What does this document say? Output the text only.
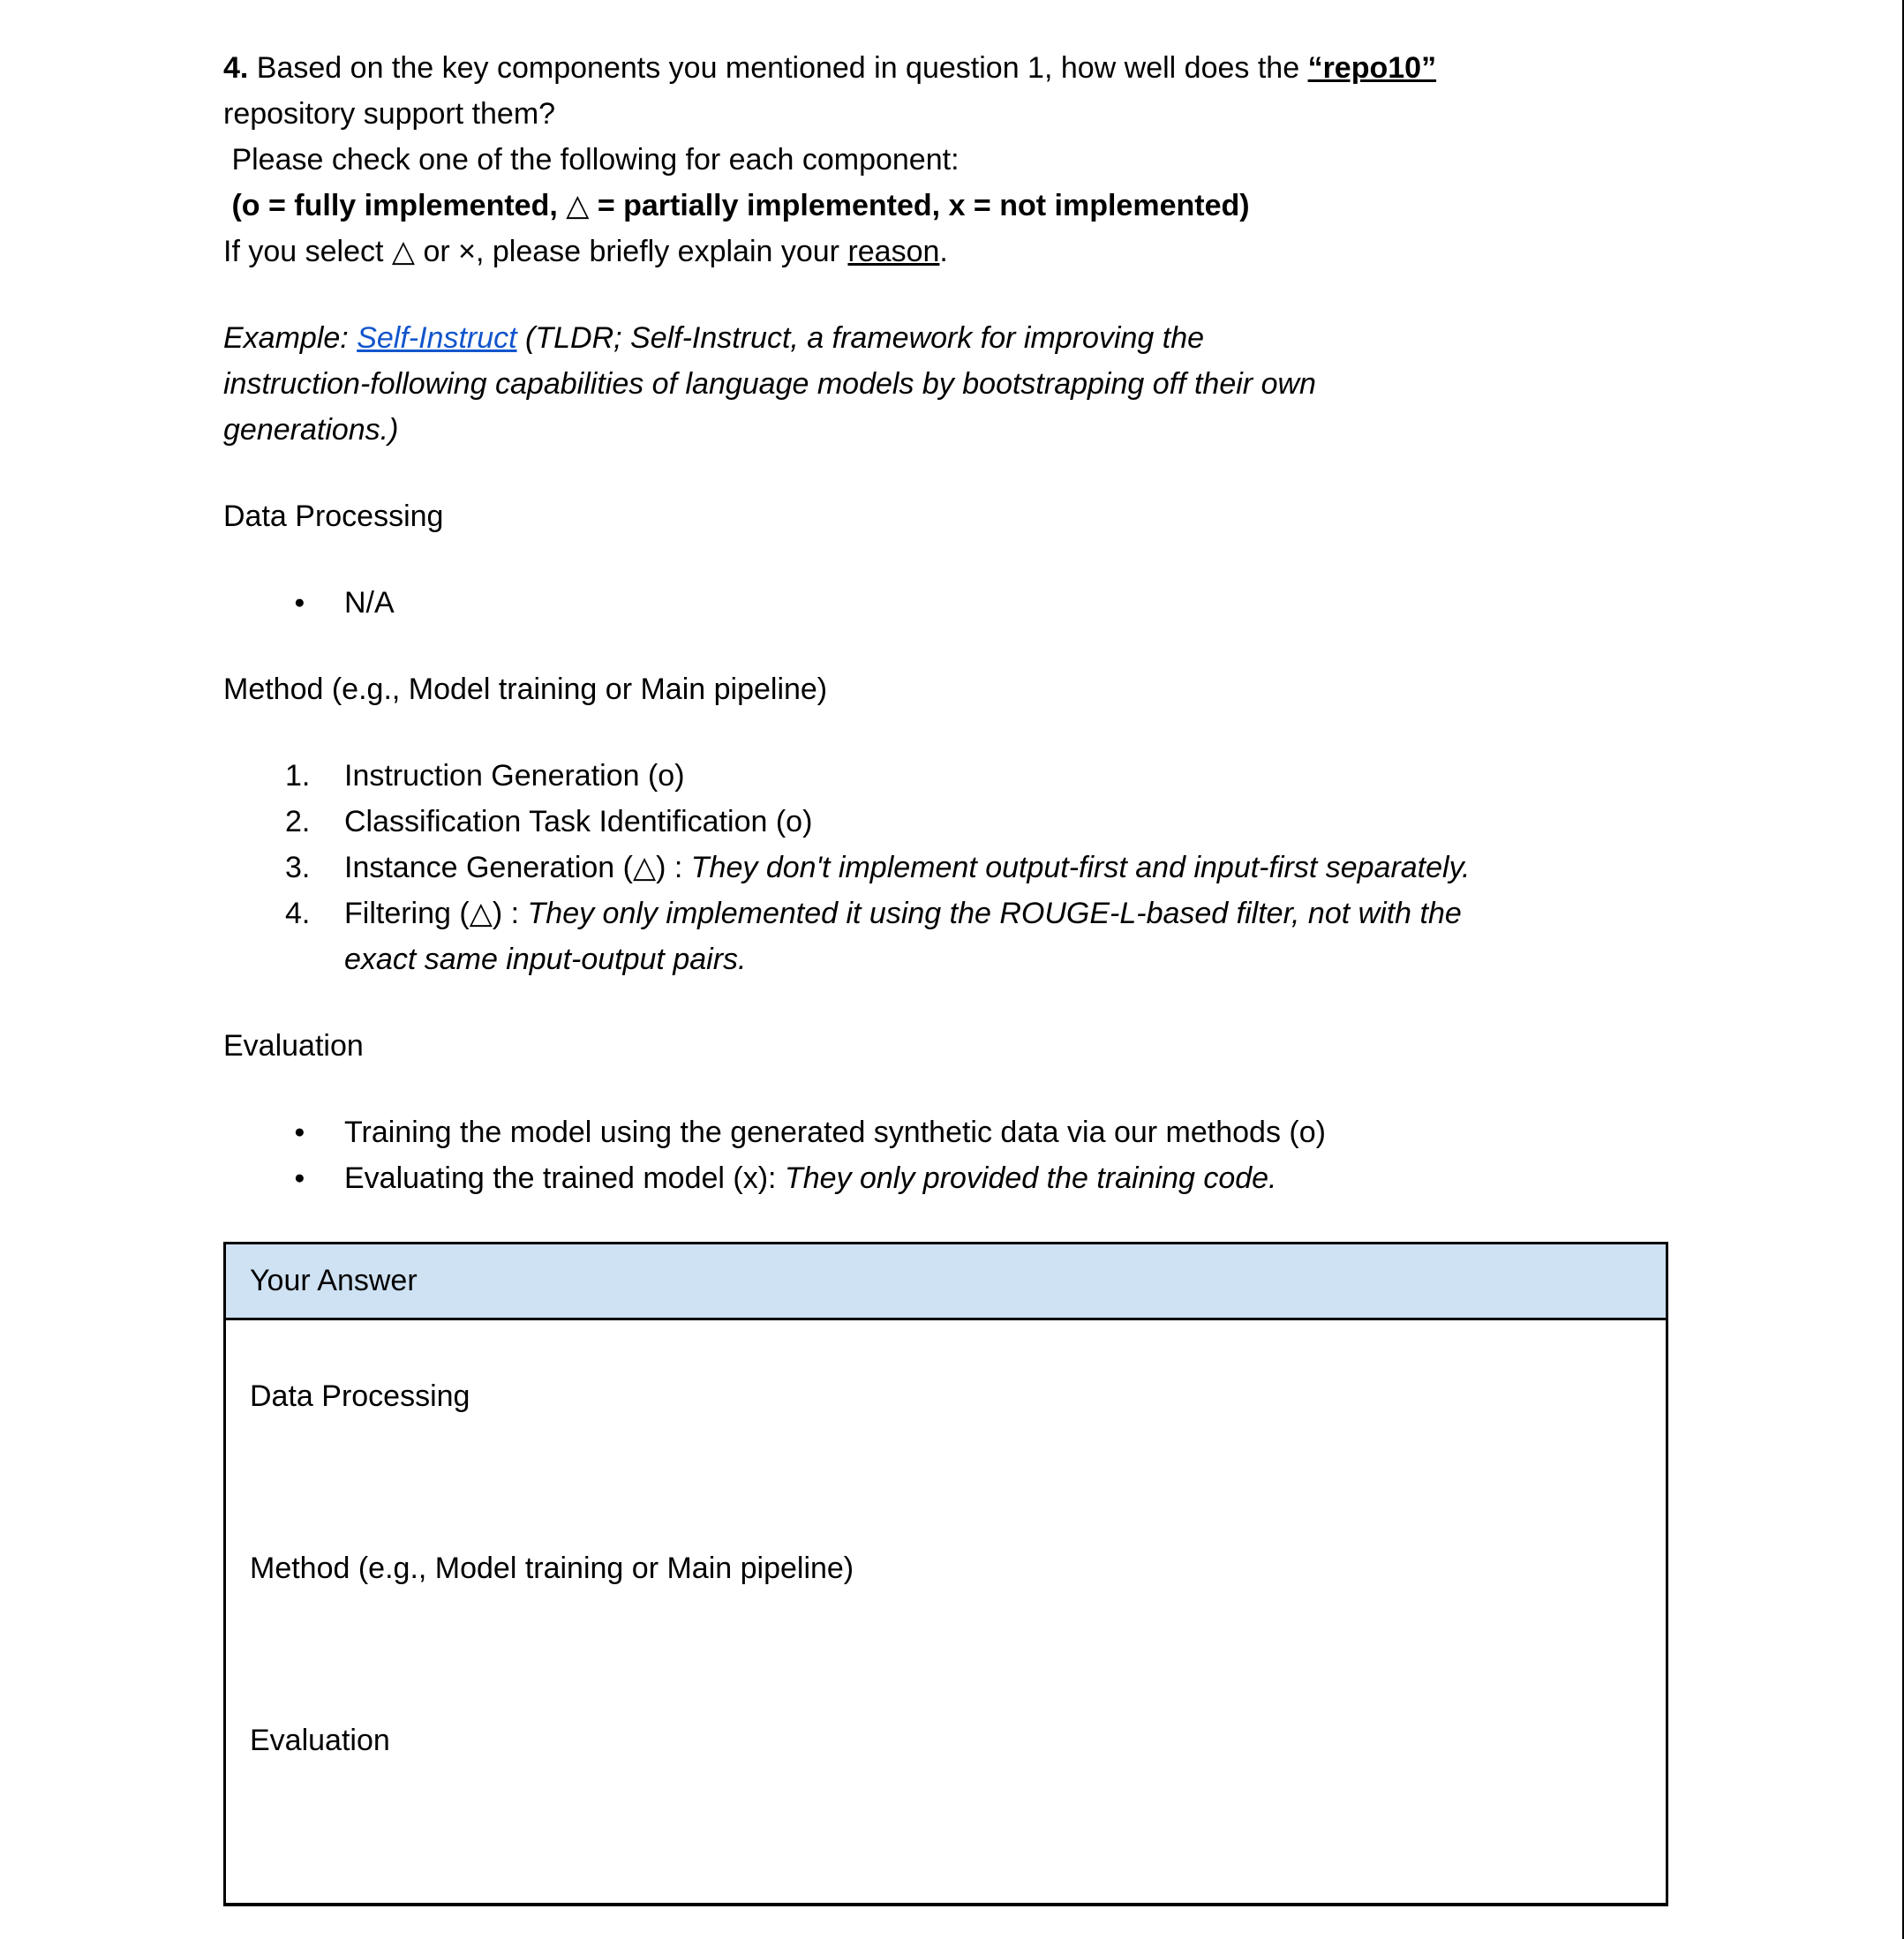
4. Based on the key components you mentioned in question 1, how well does the “repo10”
repository support them?
Please check one of the following for each component:
(o = fully implemented, △ = partially implemented, x = not implemented)
If you select △ or ×, please briefly explain your reason.
Example: Self-Instruct (TLDR; Self-Instruct, a framework for improving the
instruction-following capabilities of language models by bootstrapping off their own
generations.)
Data Processing
●	N/A
Method (e.g., Model training or Main pipeline)
1.	Instruction Generation (o)
2.	Classification Task Identification (o)
3.	Instance Generation (△) : They don't implement output-first and input-first separately.
4.	Filtering (△) : They only implemented it using the ROUGE-L-based filter, not with the
exact same input-output pairs.
Evaluation
●	Training the model using the generated synthetic data via our methods (o)
●	Evaluating the trained model (x): They only provided the training code.
Your Answer

Data Processing
Method (e.g., Model training or Main pipeline)
Evaluation
